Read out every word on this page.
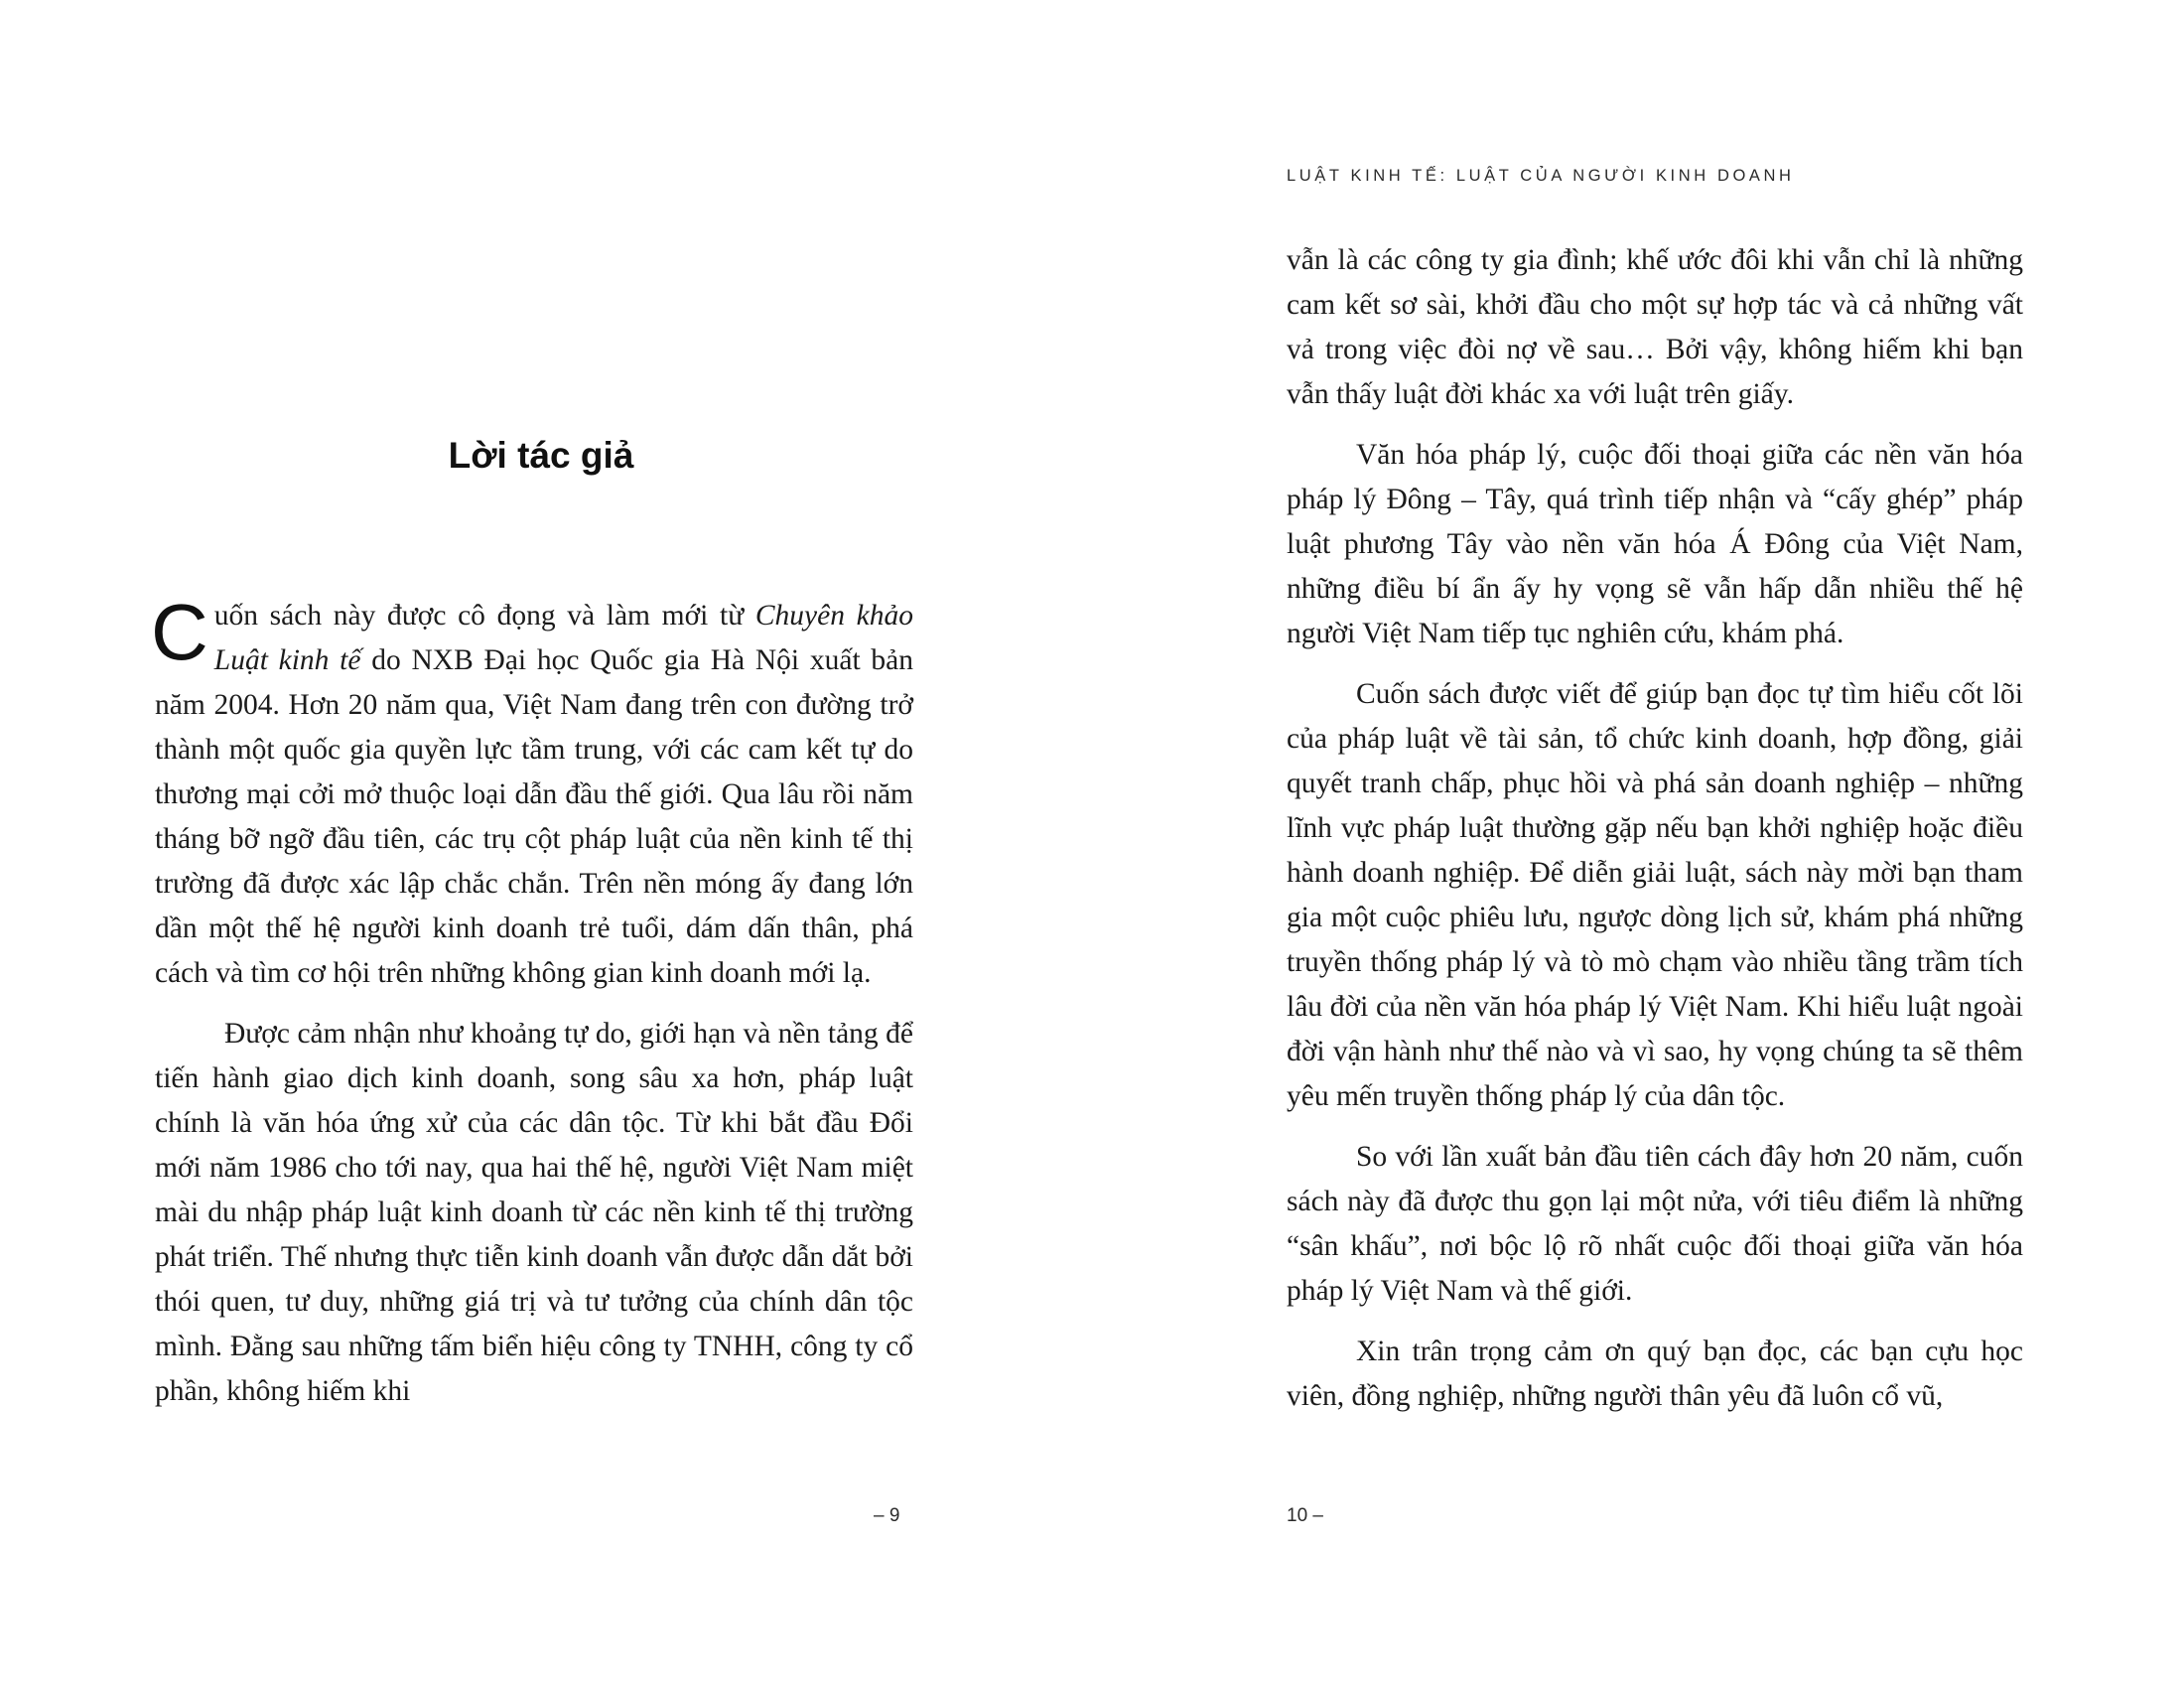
Lời tác giả

Cuốn sách này được cô đọng và làm mới từ Chuyên khảo Luật kinh tế do NXB Đại học Quốc gia Hà Nội xuất bản năm 2004. Hơn 20 năm qua, Việt Nam đang trên con đường trở thành một quốc gia quyền lực tầm trung, với các cam kết tự do thương mại cởi mở thuộc loại dẫn đầu thế giới. Qua lâu rồi năm tháng bỡ ngỡ đầu tiên, các trụ cột pháp luật của nền kinh tế thị trường đã được xác lập chắc chắn. Trên nền móng ấy đang lớn dần một thế hệ người kinh doanh trẻ tuổi, dám dấn thân, phá cách và tìm cơ hội trên những không gian kinh doanh mới lạ.

Được cảm nhận như khoảng tự do, giới hạn và nền tảng để tiến hành giao dịch kinh doanh, song sâu xa hơn, pháp luật chính là văn hóa ứng xử của các dân tộc. Từ khi bắt đầu Đổi mới năm 1986 cho tới nay, qua hai thế hệ, người Việt Nam miệt mài du nhập pháp luật kinh doanh từ các nền kinh tế thị trường phát triển. Thế nhưng thực tiễn kinh doanh vẫn được dẫn dắt bởi thói quen, tư duy, những giá trị và tư tưởng của chính dân tộc mình. Đằng sau những tấm biển hiệu công ty TNHH, công ty cổ phần, không hiếm khi

– 9
LUẬT KINH TẾ: LUẬT CỦA NGƯỜI KINH DOANH

vẫn là các công ty gia đình; khế ước đôi khi vẫn chỉ là những cam kết sơ sài, khởi đầu cho một sự hợp tác và cả những vất vả trong việc đòi nợ về sau… Bởi vậy, không hiếm khi bạn vẫn thấy luật đời khác xa với luật trên giấy.

Văn hóa pháp lý, cuộc đối thoại giữa các nền văn hóa pháp lý Đông – Tây, quá trình tiếp nhận và “cấy ghép” pháp luật phương Tây vào nền văn hóa Á Đông của Việt Nam, những điều bí ẩn ấy hy vọng sẽ vẫn hấp dẫn nhiều thế hệ người Việt Nam tiếp tục nghiên cứu, khám phá.

Cuốn sách được viết để giúp bạn đọc tự tìm hiểu cốt lõi của pháp luật về tài sản, tổ chức kinh doanh, hợp đồng, giải quyết tranh chấp, phục hồi và phá sản doanh nghiệp – những lĩnh vực pháp luật thường gặp nếu bạn khởi nghiệp hoặc điều hành doanh nghiệp. Để diễn giải luật, sách này mời bạn tham gia một cuộc phiêu lưu, ngược dòng lịch sử, khám phá những truyền thống pháp lý và tò mò chạm vào nhiều tầng trầm tích lâu đời của nền văn hóa pháp lý Việt Nam. Khi hiểu luật ngoài đời vận hành như thế nào và vì sao, hy vọng chúng ta sẽ thêm yêu mến truyền thống pháp lý của dân tộc.

So với lần xuất bản đầu tiên cách đây hơn 20 năm, cuốn sách này đã được thu gọn lại một nửa, với tiêu điểm là những “sân khấu”, nơi bộc lộ rõ nhất cuộc đối thoại giữa văn hóa pháp lý Việt Nam và thế giới.

Xin trân trọng cảm ơn quý bạn đọc, các bạn cựu học viên, đồng nghiệp, những người thân yêu đã luôn cổ vũ,

10 –
